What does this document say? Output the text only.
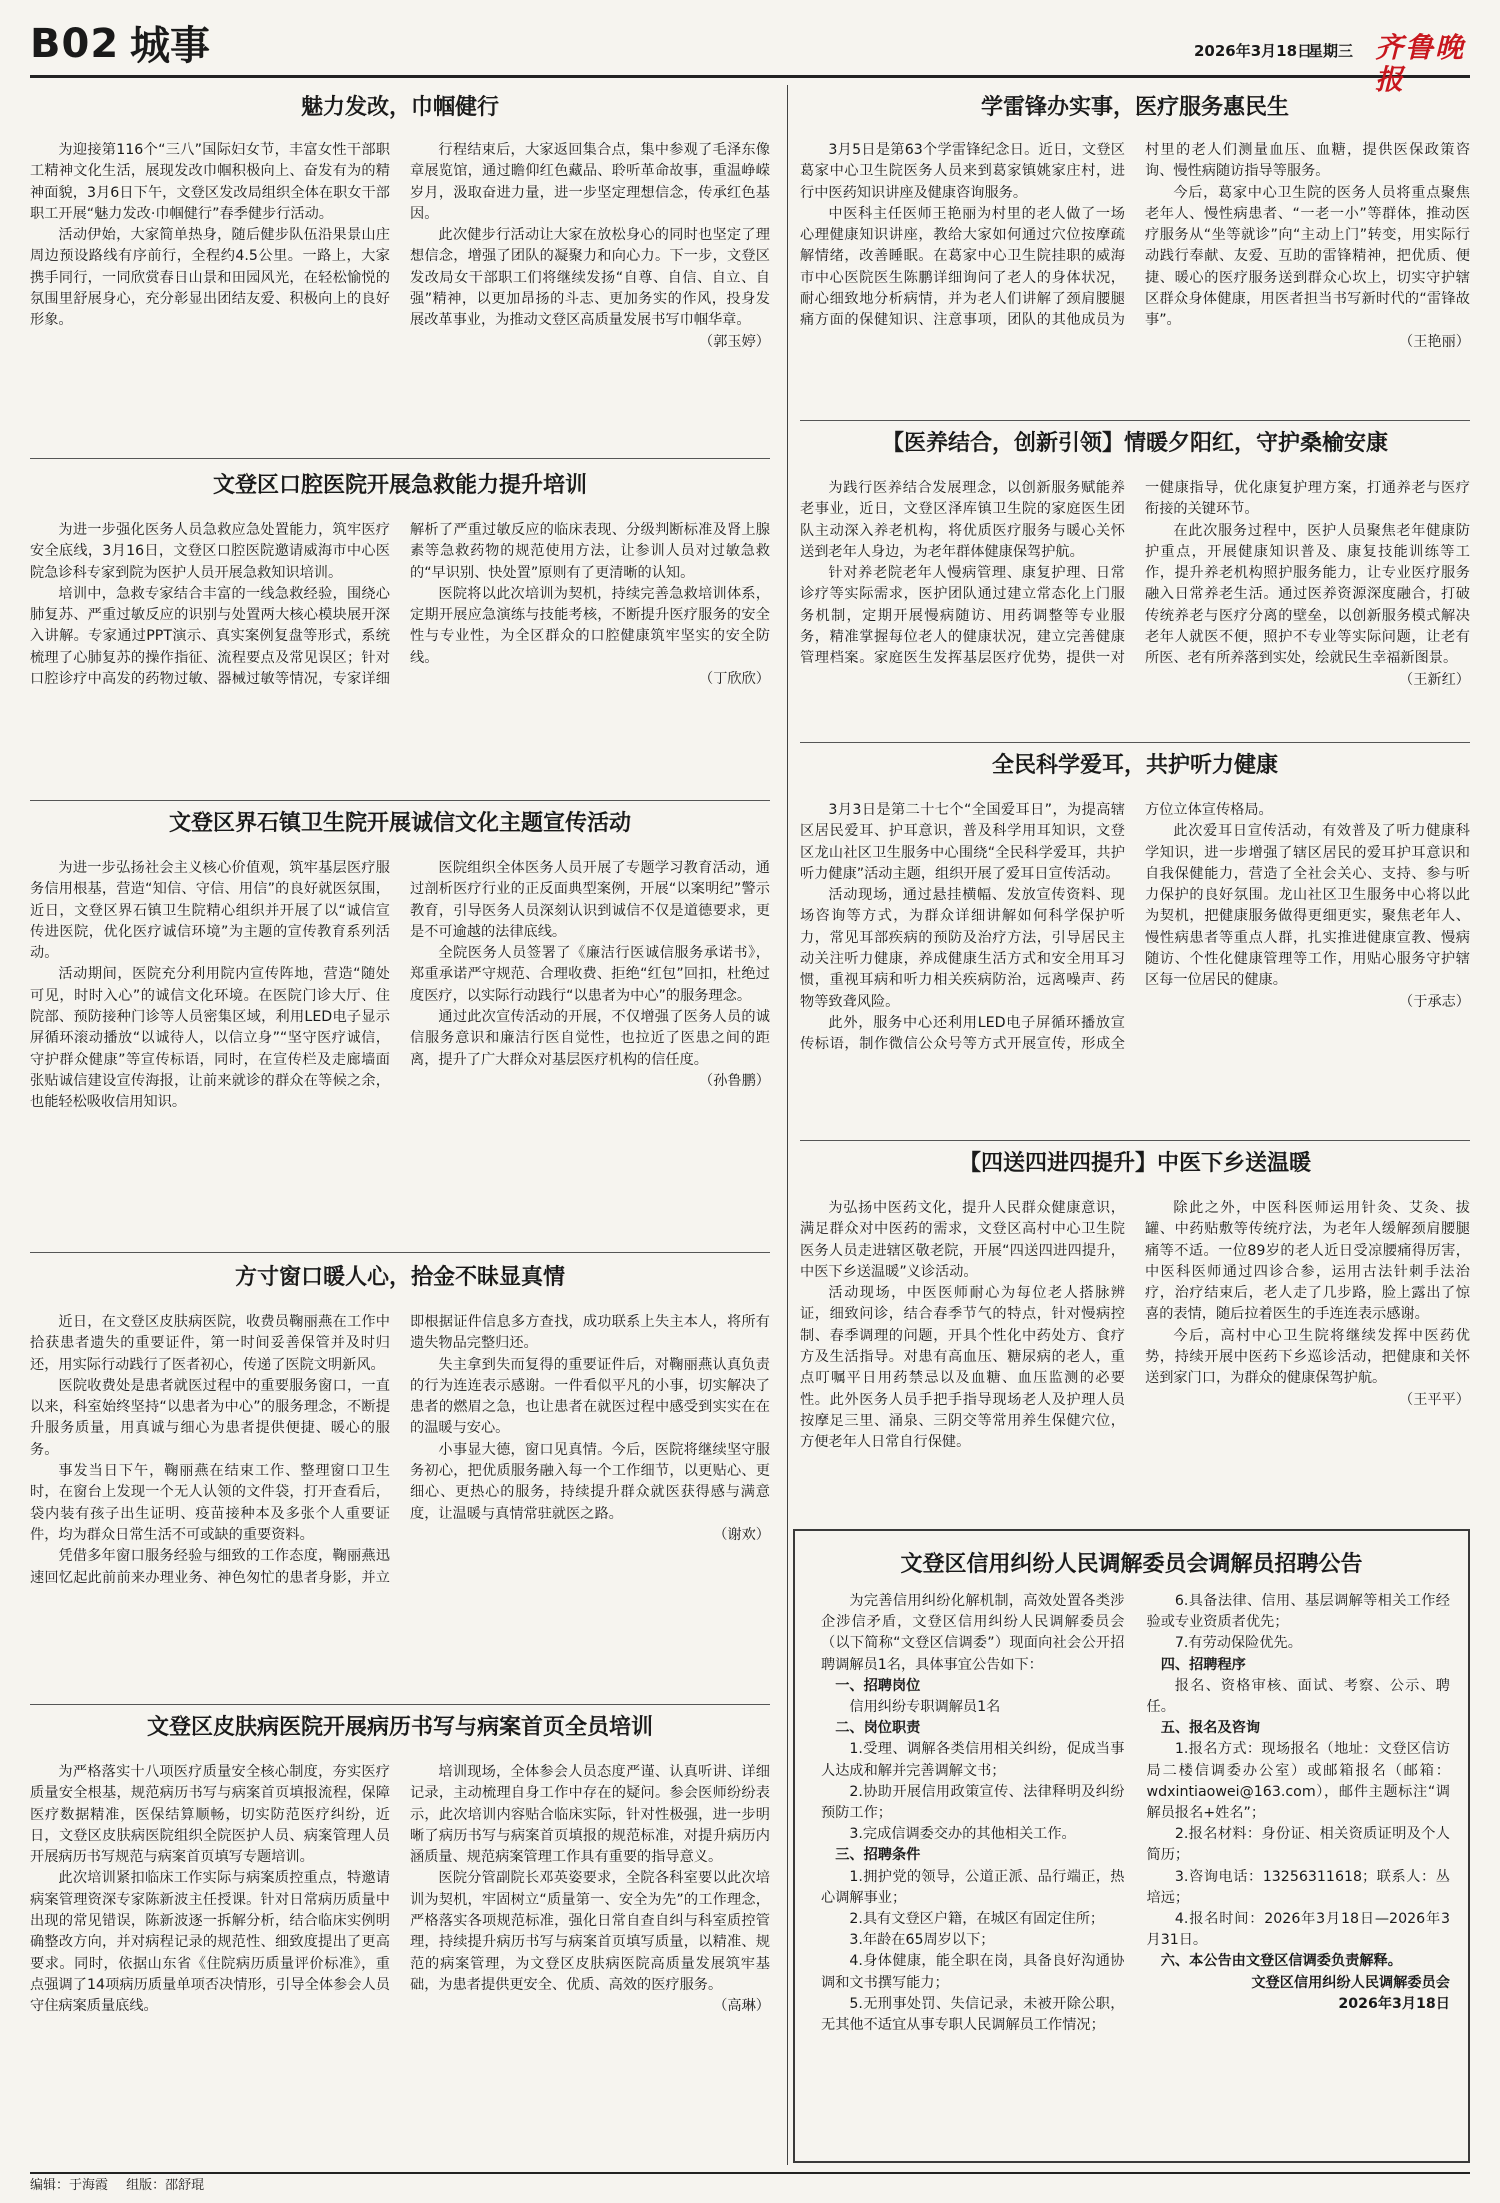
B02 城事	2026年3月18日
星期三 齐鲁晚报
魅力发改，巾帼健行

为迎接第116个“三八”国际妇女节，丰富女性干部职工精神文化生活，展现发改巾帼积极向上、奋发有为的精神面貌，3月6日下午，文登区发改局组织全体在职女干部职工开展“魅力发改·巾帼健行”春季健步行活动。

活动伊始，大家简单热身，随后健步队伍沿果景山庄周边预设路线有序前行，全程约4.5公里。一路上，大家携手同行，一同欣赏春日山景和田园风光，在轻松愉悦的氛围里舒展身心，充分彰显出团结友爱、积极向上的良好形象。

行程结束后，大家返回集合点，集中参观了毛泽东像章展览馆，通过瞻仰红色藏品、聆听革命故事，重温峥嵘岁月，汲取奋进力量，进一步坚定理想信念，传承红色基因。

此次健步行活动让大家在放松身心的同时也坚定了理想信念，增强了团队的凝聚力和向心力。下一步，文登区发改局女干部职工们将继续发扬“自尊、自信、自立、自强”精神，以更加昂扬的斗志、更加务实的作风，投身发展改革事业，为推动文登区高质量发展书写巾帼华章。

（郭玉婷）

文登区口腔医院开展急救能力提升培训

为进一步强化医务人员急救应急处置能力，筑牢医疗安全底线，3月16日，文登区口腔医院邀请威海市中心医院急诊科专家到院为医护人员开展急救知识培训。

培训中，急救专家结合丰富的一线急救经验，围绕心肺复苏、严重过敏反应的识别与处置两大核心模块展开深入讲解。专家通过PPT演示、真实案例复盘等形式，系统梳理了心肺复苏的操作指征、流程要点及常见误区；针对口腔诊疗中高发的药物过敏、器械过敏等情况，专家详细解析了严重过敏反应的临床表现、分级判断标准及肾上腺素等急救药物的规范使用方法，让参训人员对过敏急救的“早识别、快处置”原则有了更清晰的认知。

医院将以此次培训为契机，持续完善急救培训体系，定期开展应急演练与技能考核，不断提升医疗服务的安全性与专业性，为全区群众的口腔健康筑牢坚实的安全防线。

（丁欣欣）

文登区界石镇卫生院开展诚信文化主题宣传活动

为进一步弘扬社会主义核心价值观，筑牢基层医疗服务信用根基，营造“知信、守信、用信”的良好就医氛围，近日，文登区界石镇卫生院精心组织并开展了以“诚信宣传进医院，优化医疗诚信环境”为主题的宣传教育系列活动。

活动期间，医院充分利用院内宣传阵地，营造“随处可见，时时入心”的诚信文化环境。在医院门诊大厅、住院部、预防接种门诊等人员密集区域，利用LED电子显示屏循环滚动播放“以诚待人，以信立身”“坚守医疗诚信，守护群众健康”等宣传标语，同时，在宣传栏及走廊墙面张贴诚信建设宣传海报，让前来就诊的群众在等候之余，也能轻松吸收信用知识。

医院组织全体医务人员开展了专题学习教育活动，通过剖析医疗行业的正反面典型案例，开展“以案明纪”警示教育，引导医务人员深刻认识到诚信不仅是道德要求，更是不可逾越的法律底线。

全院医务人员签署了《廉洁行医诚信服务承诺书》，郑重承诺严守规范、合理收费、拒绝“红包”回扣，杜绝过度医疗，以实际行动践行“以患者为中心”的服务理念。

通过此次宣传活动的开展，不仅增强了医务人员的诚信服务意识和廉洁行医自觉性，也拉近了医患之间的距离，提升了广大群众对基层医疗机构的信任度。

（孙鲁鹏）

方寸窗口暖人心，拾金不昧显真情

近日，在文登区皮肤病医院，收费员鞠丽燕在工作中拾获患者遗失的重要证件，第一时间妥善保管并及时归还，用实际行动践行了医者初心，传递了医院文明新风。

医院收费处是患者就医过程中的重要服务窗口，一直以来，科室始终坚持“以患者为中心”的服务理念，不断提升服务质量，用真诚与细心为患者提供便捷、暖心的服务。

事发当日下午，鞠丽燕在结束工作、整理窗口卫生时，在窗台上发现一个无人认领的文件袋，打开查看后，袋内装有孩子出生证明、疫苗接种本及多张个人重要证件，均为群众日常生活不可或缺的重要资料。

凭借多年窗口服务经验与细致的工作态度，鞠丽燕迅速回忆起此前前来办理业务、神色匆忙的患者身影，并立即根据证件信息多方查找，成功联系上失主本人，将所有遗失物品完整归还。

失主拿到失而复得的重要证件后，对鞠丽燕认真负责的行为连连表示感谢。一件看似平凡的小事，切实解决了患者的燃眉之急，也让患者在就医过程中感受到实实在在的温暖与安心。

小事显大德，窗口见真情。今后，医院将继续坚守服务初心，把优质服务融入每一个工作细节，以更贴心、更细心、更热心的服务，持续提升群众就医获得感与满意度，让温暖与真情常驻就医之路。

（谢欢）

文登区皮肤病医院开展病历书写与病案首页全员培训

为严格落实十八项医疗质量安全核心制度，夯实医疗质量安全根基，规范病历书写与病案首页填报流程，保障医疗数据精准，医保结算顺畅，切实防范医疗纠纷，近日，文登区皮肤病医院组织全院医护人员、病案管理人员开展病历书写规范与病案首页填写专题培训。

此次培训紧扣临床工作实际与病案质控重点，特邀请病案管理资深专家陈新波主任授课。针对日常病历质量中出现的常见错误，陈新波逐一拆解分析，结合临床实例明确整改方向，并对病程记录的规范性、细致度提出了更高要求。同时，依据山东省《住院病历质量评价标准》，重点强调了14项病历质量单项否决情形，引导全体参会人员守住病案质量底线。

培训现场，全体参会人员态度严谨、认真听讲、详细记录，主动梳理自身工作中存在的疑问。参会医师纷纷表示，此次培训内容贴合临床实际，针对性极强，进一步明晰了病历书写与病案首页填报的规范标准，对提升病历内涵质量、规范病案管理工作具有重要的指导意义。

医院分管副院长邓英姿要求，全院各科室要以此次培训为契机，牢固树立“质量第一、安全为先”的工作理念，严格落实各项规范标准，强化日常自查自纠与科室质控管理，持续提升病历书写与病案首页填写质量，以精准、规范的病案管理，为文登区皮肤病医院高质量发展筑牢基础，为患者提供更安全、优质、高效的医疗服务。

（高琳）

学雷锋办实事，医疗服务惠民生

3月5日是第63个学雷锋纪念日。近日，文登区葛家中心卫生院医务人员来到葛家镇姚家庄村，进行中医药知识讲座及健康咨询服务。

中医科主任医师王艳丽为村里的老人做了一场心理健康知识讲座，教给大家如何通过穴位按摩疏解情绪，改善睡眠。在葛家中心卫生院挂职的威海市中心医院医生陈鹏详细询问了老人的身体状况，耐心细致地分析病情，并为老人们讲解了颈肩腰腿痛方面的保健知识、注意事项，团队的其他成员为村里的老人们测量血压、血糖，提供医保政策咨询、慢性病随访指导等服务。

今后，葛家中心卫生院的医务人员将重点聚焦老年人、慢性病患者、“一老一小”等群体，推动医疗服务从“坐等就诊”向“主动上门”转变，用实际行动践行奉献、友爱、互助的雷锋精神，把优质、便捷、暖心的医疗服务送到群众心坎上，切实守护辖区群众身体健康，用医者担当书写新时代的“雷锋故事”。

（王艳丽）

【医养结合，创新引领】情暖夕阳红，守护桑榆安康

为践行医养结合发展理念，以创新服务赋能养老事业，近日，文登区泽库镇卫生院的家庭医生团队主动深入养老机构，将优质医疗服务与暖心关怀送到老年人身边，为老年群体健康保驾护航。

针对养老院老年人慢病管理、康复护理、日常诊疗等实际需求，医护团队通过建立常态化上门服务机制，定期开展慢病随访、用药调整等专业服务，精准掌握每位老人的健康状况，建立完善健康管理档案。家庭医生发挥基层医疗优势，提供一对一健康指导，优化康复护理方案，打通养老与医疗衔接的关键环节。

在此次服务过程中，医护人员聚焦老年健康防护重点，开展健康知识普及、康复技能训练等工作，提升养老机构照护服务能力，让专业医疗服务融入日常养老生活。通过医养资源深度融合，打破传统养老与医疗分离的壁垒，以创新服务模式解决老年人就医不便，照护不专业等实际问题，让老有所医、老有所养落到实处，绘就民生幸福新图景。

（王新红）

全民科学爱耳，共护听力健康

3月3日是第二十七个“全国爱耳日”，为提高辖区居民爱耳、护耳意识，普及科学用耳知识，文登区龙山社区卫生服务中心围绕“全民科学爱耳，共护听力健康”活动主题，组织开展了爱耳日宣传活动。

活动现场，通过悬挂横幅、发放宣传资料、现场咨询等方式，为群众详细讲解如何科学保护听力，常见耳部疾病的预防及治疗方法，引导居民主动关注听力健康，养成健康生活方式和安全用耳习惯，重视耳病和听力相关疾病防治，远离噪声、药物等致聋风险。

此外，服务中心还利用LED电子屏循环播放宣传标语，制作微信公众号等方式开展宣传，形成全方位立体宣传格局。

此次爱耳日宣传活动，有效普及了听力健康科学知识，进一步增强了辖区居民的爱耳护耳意识和自我保健能力，营造了全社会关心、支持、参与听力保护的良好氛围。龙山社区卫生服务中心将以此为契机，把健康服务做得更细更实，聚焦老年人、慢性病患者等重点人群，扎实推进健康宣教、慢病随访、个性化健康管理等工作，用贴心服务守护辖区每一位居民的健康。

（于承志）

【四送四进四提升】中医下乡送温暖

为弘扬中医药文化，提升人民群众健康意识，满足群众对中医药的需求，文登区高村中心卫生院医务人员走进辖区敬老院，开展“四送四进四提升，中医下乡送温暖”义诊活动。

活动现场，中医医师耐心为每位老人搭脉辨证，细致问诊，结合春季节气的特点，针对慢病控制、春季调理的问题，开具个性化中药处方、食疗方及生活指导。对患有高血压、糖尿病的老人，重点叮嘱平日用药禁忌以及血糖、血压监测的必要性。此外医务人员手把手指导现场老人及护理人员按摩足三里、涌泉、三阴交等常用养生保健穴位，方便老年人日常自行保健。

除此之外，中医科医师运用针灸、艾灸、拔罐、中药贴敷等传统疗法，为老年人缓解颈肩腰腿痛等不适。一位89岁的老人近日受凉腰痛得厉害，中医科医师通过四诊合参，运用古法针刺手法治疗，治疗结束后，老人走了几步路，脸上露出了惊喜的表情，随后拉着医生的手连连表示感谢。

今后，高村中心卫生院将继续发挥中医药优势，持续开展中医药下乡巡诊活动，把健康和关怀送到家门口，为群众的健康保驾护航。

（王平平）

文登区信用纠纷人民调解委员会调解员招聘公告

为完善信用纠纷化解机制，高效处置各类涉企涉信矛盾，文登区信用纠纷人民调解委员会（以下简称“文登区信调委”）现面向社会公开招聘调解员1名，具体事宜公告如下：

一、招聘岗位

信用纠纷专职调解员1名

二、岗位职责

1.受理、调解各类信用相关纠纷，促成当事人达成和解并完善调解文书；

2.协助开展信用政策宣传、法律释明及纠纷预防工作；

3.完成信调委交办的其他相关工作。

三、招聘条件

1.拥护党的领导，公道正派、品行端正，热心调解事业；

2.具有文登区户籍，在城区有固定住所；

3.年龄在65周岁以下；

4.身体健康，能全职在岗，具备良好沟通协调和文书撰写能力；

5.无刑事处罚、失信记录，未被开除公职，无其他不适宜从事专职人民调解员工作情况；

6.具备法律、信用、基层调解等相关工作经验或专业资质者优先；

7.有劳动保险优先。

四、招聘程序

报名、资格审核、面试、考察、公示、聘任。

五、报名及咨询

1.报名方式：现场报名（地址：文登区信访局二楼信调委办公室）或邮箱报名（邮箱：wdxintiaowei@163.com），邮件主题标注“调解员报名+姓名”；

2.报名材料：身份证、相关资质证明及个人简历；

3.咨询电话：13256311618；联系人：丛培远；

4.报名时间：2026年3月18日—2026年3月31日。

六、本公告由文登区信调委负责解释。

文登区信用纠纷人民调解委员会

2026年3月18日

编辑：于海霞 组版：邵舒琨
